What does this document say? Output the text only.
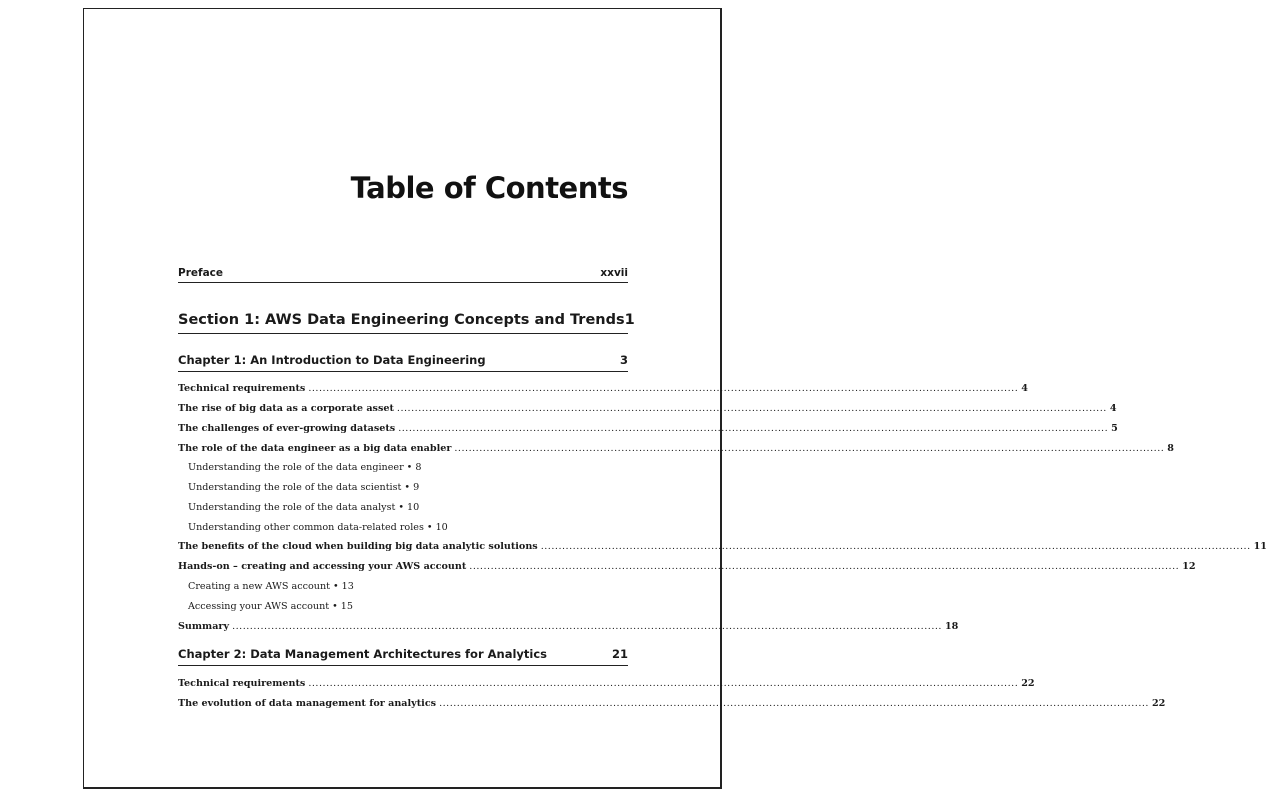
Table of Contents
Preface	xxvii
Section 1: AWS Data Engineering Concepts and Trends 1
Chapter 1: An Introduction to Data Engineering	3
Technical requirements ........................................................................................................................................................................................................ 4
The rise of big data as a corporate asset ........................................................................................................................................................................................................ 4
The challenges of ever-growing datasets ........................................................................................................................................................................................................ 5
The role of the data engineer as a big data enabler ........................................................................................................................................................................................................ 8
Understanding the role of the data engineer • 8
Understanding the role of the data scientist • 9
Understanding the role of the data analyst • 10
Understanding other common data-related roles • 10
The benefits of the cloud when building big data analytic solutions ........................................................................................................................................................................................................ 11
Hands-on – creating and accessing your AWS account ........................................................................................................................................................................................................ 12
Creating a new AWS account • 13
Accessing your AWS account • 15
Summary ........................................................................................................................................................................................................ 18
Chapter 2: Data Management Architectures for Analytics	21
Technical requirements ........................................................................................................................................................................................................ 22
The evolution of data management for analytics ........................................................................................................................................................................................................ 22
